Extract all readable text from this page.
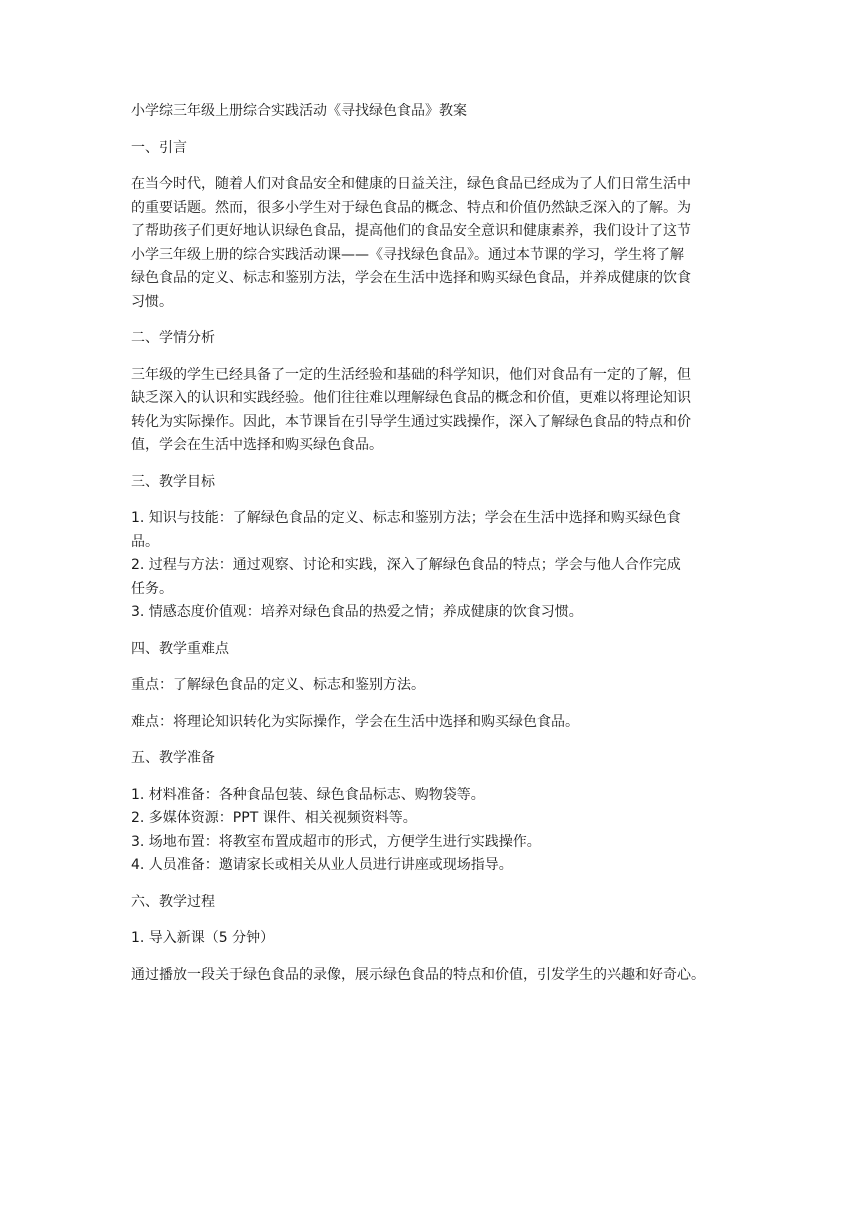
小学综三年级上册综合实践活动《寻找绿色食品》教案

一、引言

在当今时代，随着人们对食品安全和健康的日益关注，绿色食品已经成为了人们日常生活中

的重要话题。然而，很多小学生对于绿色食品的概念、特点和价值仍然缺乏深入的了解。为

了帮助孩子们更好地认识绿色食品，提高他们的食品安全意识和健康素养，我们设计了这节

小学三年级上册的综合实践活动课——《寻找绿色食品》。通过本节课的学习，学生将了解

绿色食品的定义、标志和鉴别方法，学会在生活中选择和购买绿色食品，并养成健康的饮食

习惯。

二、学情分析

三年级的学生已经具备了一定的生活经验和基础的科学知识，他们对食品有一定的了解，但

缺乏深入的认识和实践经验。他们往往难以理解绿色食品的概念和价值，更难以将理论知识

转化为实际操作。因此，本节课旨在引导学生通过实践操作，深入了解绿色食品的特点和价

值，学会在生活中选择和购买绿色食品。

三、教学目标

1. 知识与技能：了解绿色食品的定义、标志和鉴别方法；学会在生活中选择和购买绿色食

品。

2. 过程与方法：通过观察、讨论和实践，深入了解绿色食品的特点；学会与他人合作完成

任务。

3. 情感态度价值观：培养对绿色食品的热爱之情；养成健康的饮食习惯。

四、教学重难点

重点：了解绿色食品的定义、标志和鉴别方法。

难点：将理论知识转化为实际操作，学会在生活中选择和购买绿色食品。

五、教学准备

1. 材料准备：各种食品包装、绿色食品标志、购物袋等。

2. 多媒体资源：PPT 课件、相关视频资料等。

3. 场地布置：将教室布置成超市的形式，方便学生进行实践操作。

4. 人员准备：邀请家长或相关从业人员进行讲座或现场指导。

六、教学过程

1. 导入新课（5 分钟）

通过播放一段关于绿色食品的录像，展示绿色食品的特点和价值，引发学生的兴趣和好奇心。
